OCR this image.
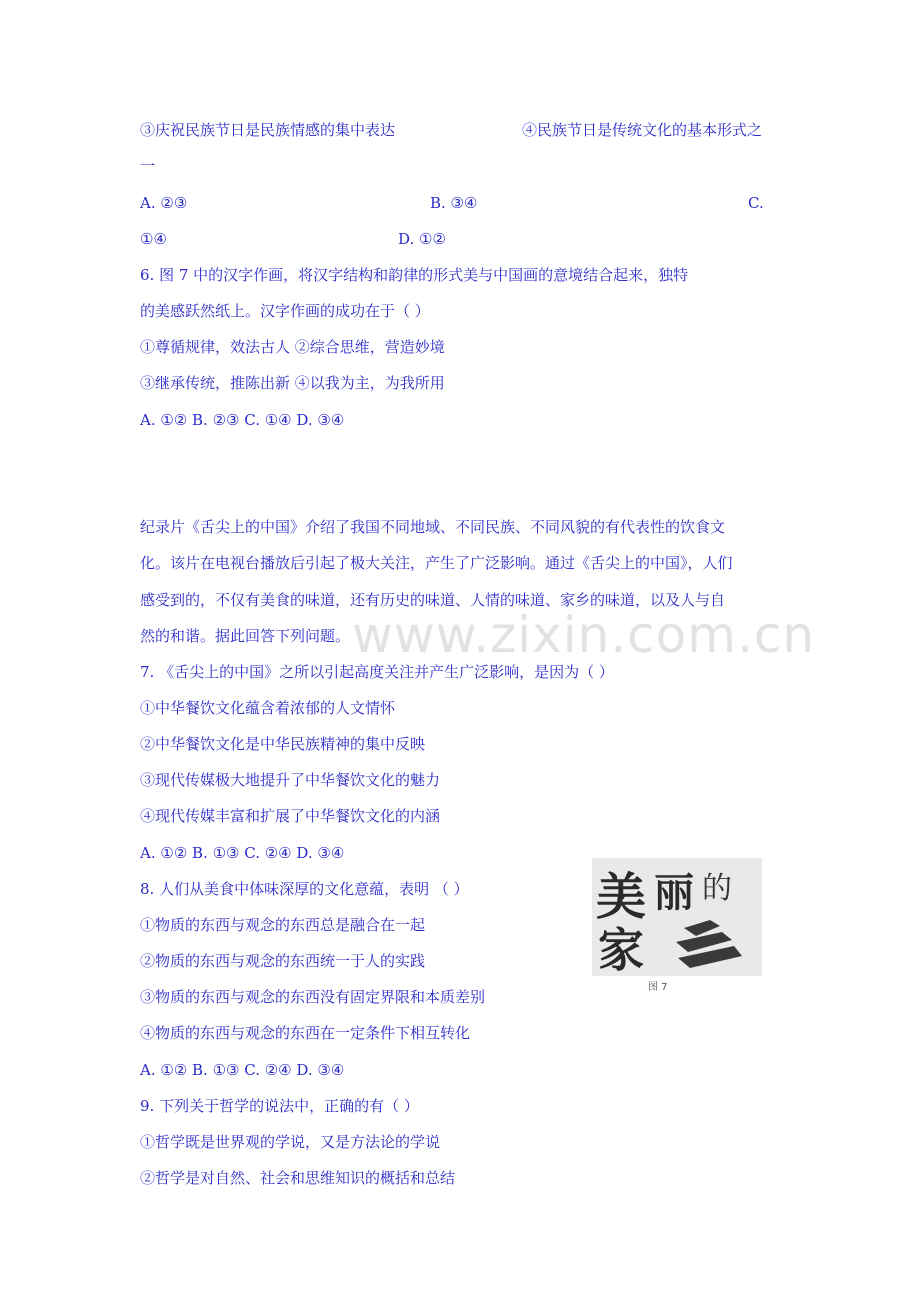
③庆祝民族节日是民族情感的集中表达	④民族节日是传统文化的基本形式之
一
A. ②③	B. ③④	C.
①④	D. ①②
6. 图 7 中的汉字作画，将汉字结构和韵律的形式美与中国画的意境结合起来，独特
的美感跃然纸上。汉字作画的成功在于（ ）
①尊循规律，效法古人 ②综合思维，营造妙境
③继承传统，推陈出新 ④以我为主，为我所用
A. ①② B. ②③ C. ①④ D. ③④
纪录片《舌尖上的中国》介绍了我国不同地域、不同民族、不同风貌的有代表性的饮食文
化。该片在电视台播放后引起了极大关注，产生了广泛影响。通过《舌尖上的中国》，人们
感受到的，不仅有美食的味道，还有历史的味道、人情的味道、家乡的味道，以及人与自
然的和谐。据此回答下列问题。 www.zixin.com.cn
7. 《舌尖上的中国》之所以引起高度关注并产生广泛影响，是因为（ ）
①中华餐饮文化蕴含着浓郁的人文情怀
②中华餐饮文化是中华民族精神的集中反映
③现代传媒极大地提升了中华餐饮文化的魅力
④现代传媒丰富和扩展了中华餐饮文化的内涵
A. ①② B. ①③ C. ②④ D. ③④
8. 人们从美食中体味深厚的文化意蕴，表明 （ ）
①物质的东西与观念的东西总是融合在一起
②物质的东西与观念的东西统一于人的实践
③物质的东西与观念的东西没有固定界限和本质差别
④物质的东西与观念的东西在一定条件下相互转化
A. ①② B. ①③ C. ②④ D. ③④
9. 下列关于哲学的说法中，正确的有（ ）
①哲学既是世界观的学说，又是方法论的学说
②哲学是对自然、社会和思维知识的概括和总结
美 丽 的
家
图 7
